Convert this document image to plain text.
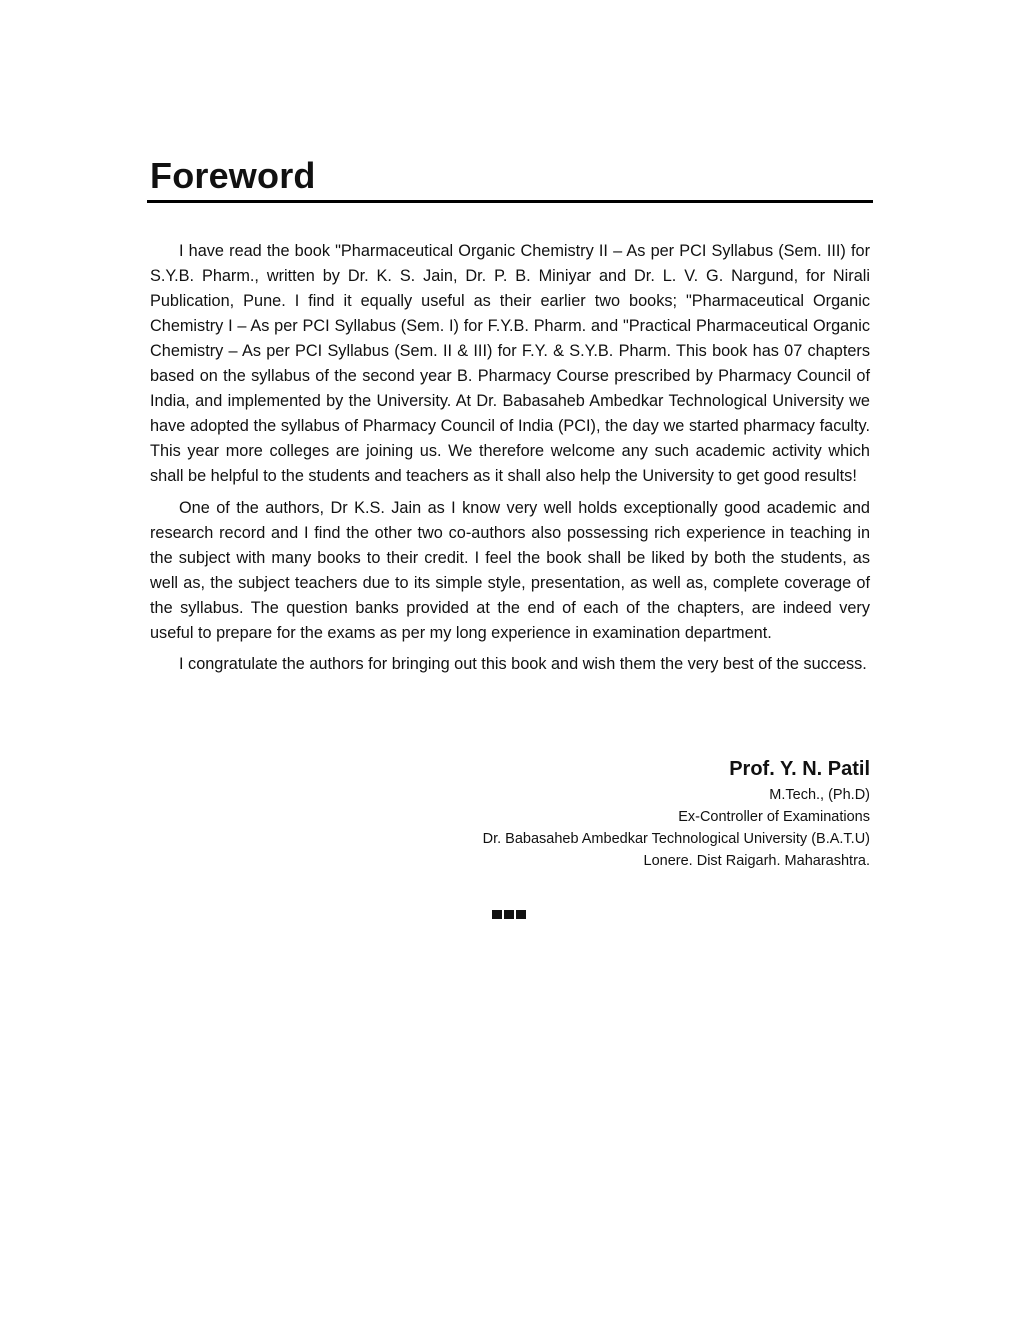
Foreword

I have read the book "Pharmaceutical Organic Chemistry II – As per PCI Syllabus (Sem. III) for S.Y.B. Pharm., written by Dr. K. S. Jain, Dr. P. B. Miniyar and Dr. L. V. G. Nargund, for Nirali Publication, Pune. I find it equally useful as their earlier two books; "Pharmaceutical Organic Chemistry I – As per PCI Syllabus (Sem. I) for F.Y.B. Pharm. and "Practical Pharmaceutical Organic Chemistry – As per PCI Syllabus (Sem. II & III) for F.Y. & S.Y.B. Pharm. This book has 07 chapters based on the syllabus of the second year B. Pharmacy Course prescribed by Pharmacy Council of India, and implemented by the University. At Dr. Babasaheb Ambedkar Technological University we have adopted the syllabus of Pharmacy Council of India (PCI), the day we started pharmacy faculty. This year more colleges are joining us. We therefore welcome any such academic activity which shall be helpful to the students and teachers as it shall also help the University to get good results!

One of the authors, Dr K.S. Jain as I know very well holds exceptionally good academic and research record and I find the other two co-authors also possessing rich experience in teaching in the subject with many books to their credit. I feel the book shall be liked by both the students, as well as, the subject teachers due to its simple style, presentation, as well as, complete coverage of the syllabus. The question banks provided at the end of each of the chapters, are indeed very useful to prepare for the exams as per my long experience in examination department.

I congratulate the authors for bringing out this book and wish them the very best of the success.

Prof. Y. N. Patil
M.Tech., (Ph.D)
Ex-Controller of Examinations
Dr. Babasaheb Ambedkar Technological University (B.A.T.U)
Lonere. Dist Raigarh. Maharashtra.
